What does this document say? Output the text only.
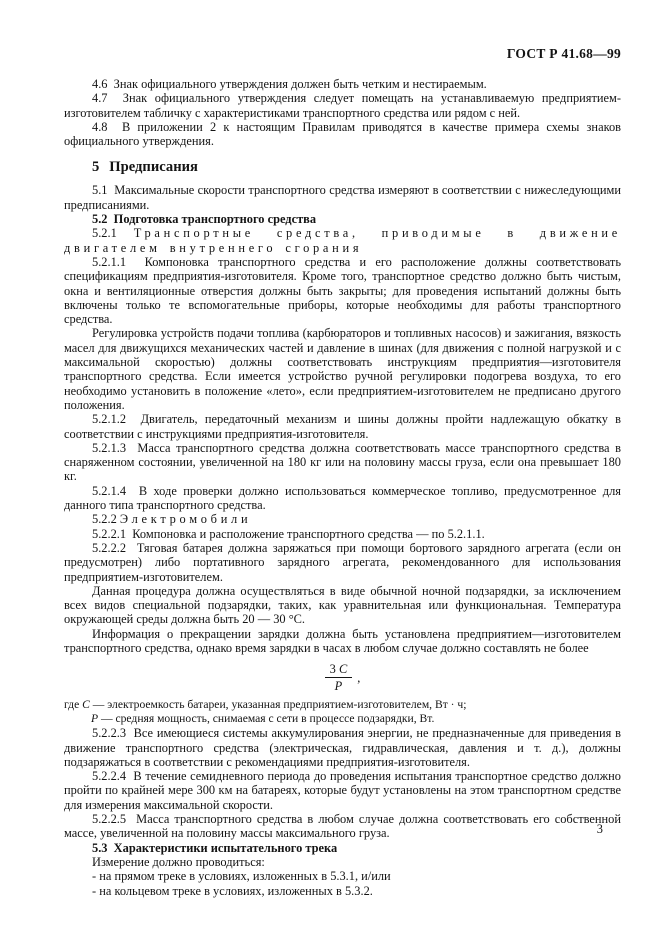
ГОСТ Р 41.68—99

4.6  Знак официального утверждения должен быть четким и нестираемым.

4.7  Знак официального утверждения следует помещать на устанавливаемую предприятием-изготовителем табличку с характеристиками транспортного средства или рядом с ней.

4.8  В приложении 2 к настоящим Правилам приводятся в качестве примера схемы знаков официального утверждения.

5 Предписания

5.1  Максимальные скорости транспортного средства измеряют в соответствии с нижеследующими предписаниями.

5.2  Подготовка транспортного средства

5.2.1 Транспортные средства, приводимые в движение двигателем внутреннего сгорания

5.2.1.1  Компоновка транспортного средства и его расположение должны соответствовать спецификациям предприятия-изготовителя. Кроме того, транспортное средство должно быть чистым, окна и вентиляционные отверстия должны быть закрыты; для проведения испытаний должны быть включены только те вспомогательные приборы, которые необходимы для работы транспортного средства.

Регулировка устройств подачи топлива (карбюраторов и топливных насосов) и зажигания, вязкость масел для движущихся механических частей и давление в шинах (для движения с полной нагрузкой и с максимальной скоростью) должны соответствовать инструкциям предприятия—изготовителя транспортного средства. Если имеется устройство ручной регулировки подогрева воздуха, то его необходимо установить в положение «лето», если предприятием-изготовителем не предписано другого положения.

5.2.1.2  Двигатель, передаточный механизм и шины должны пройти надлежащую обкатку в соответствии с инструкциями предприятия-изготовителя.

5.2.1.3  Масса транспортного средства должна соответствовать массе транспортного средства в снаряженном состоянии, увеличенной на 180 кг или на половину массы груза, если она превышает 180 кг.

5.2.1.4  В ходе проверки должно использоваться коммерческое топливо, предусмотренное для данного типа транспортного средства.

5.2.2 Электромобили

5.2.2.1  Компоновка и расположение транспортного средства — по 5.2.1.1.

5.2.2.2  Тяговая батарея должна заряжаться при помощи бортового зарядного агрегата (если он предусмотрен) либо портативного зарядного агрегата, рекомендованного для использования предприятием-изготовителем.

Данная процедура должна осуществляться в виде обычной ночной подзарядки, за исключением всех видов специальной подзарядки, таких, как уравнительная или функциональная. Температура окружающей среды должна быть 20 — 30 °С.

Информация о прекращении зарядки должна быть установлена предприятием—изготовителем транспортного средства, однако время зарядки в часах в любом случае должно составлять не более

$\frac{3 С}{Р}$ ,

где С — электроемкость батареи, указанная предприятием-изготовителем, Вт · ч;

Р — средняя мощность, снимаемая с сети в процессе подзарядки, Вт.

5.2.2.3  Все имеющиеся системы аккумулирования энергии, не предназначенные для приведения в движение транспортного средства (электрическая, гидравлическая, давления и т. д.), должны подзаряжаться в соответствии с рекомендациями предприятия-изготовителя.

5.2.2.4  В течение семидневного периода до проведения испытания транспортное средство должно пройти по крайней мере 300 км на батареях, которые будут установлены на этом транспортном средстве для измерения максимальной скорости.

5.2.2.5  Масса транспортного средства в любом случае должна соответствовать его собственной массе, увеличенной на половину массы максимального груза.

5.3  Характеристики испытательного трека

Измерение должно проводиться:

- на прямом треке в условиях, изложенных в 5.3.1, и/или

- на кольцевом треке в условиях, изложенных в 5.3.2.

3
